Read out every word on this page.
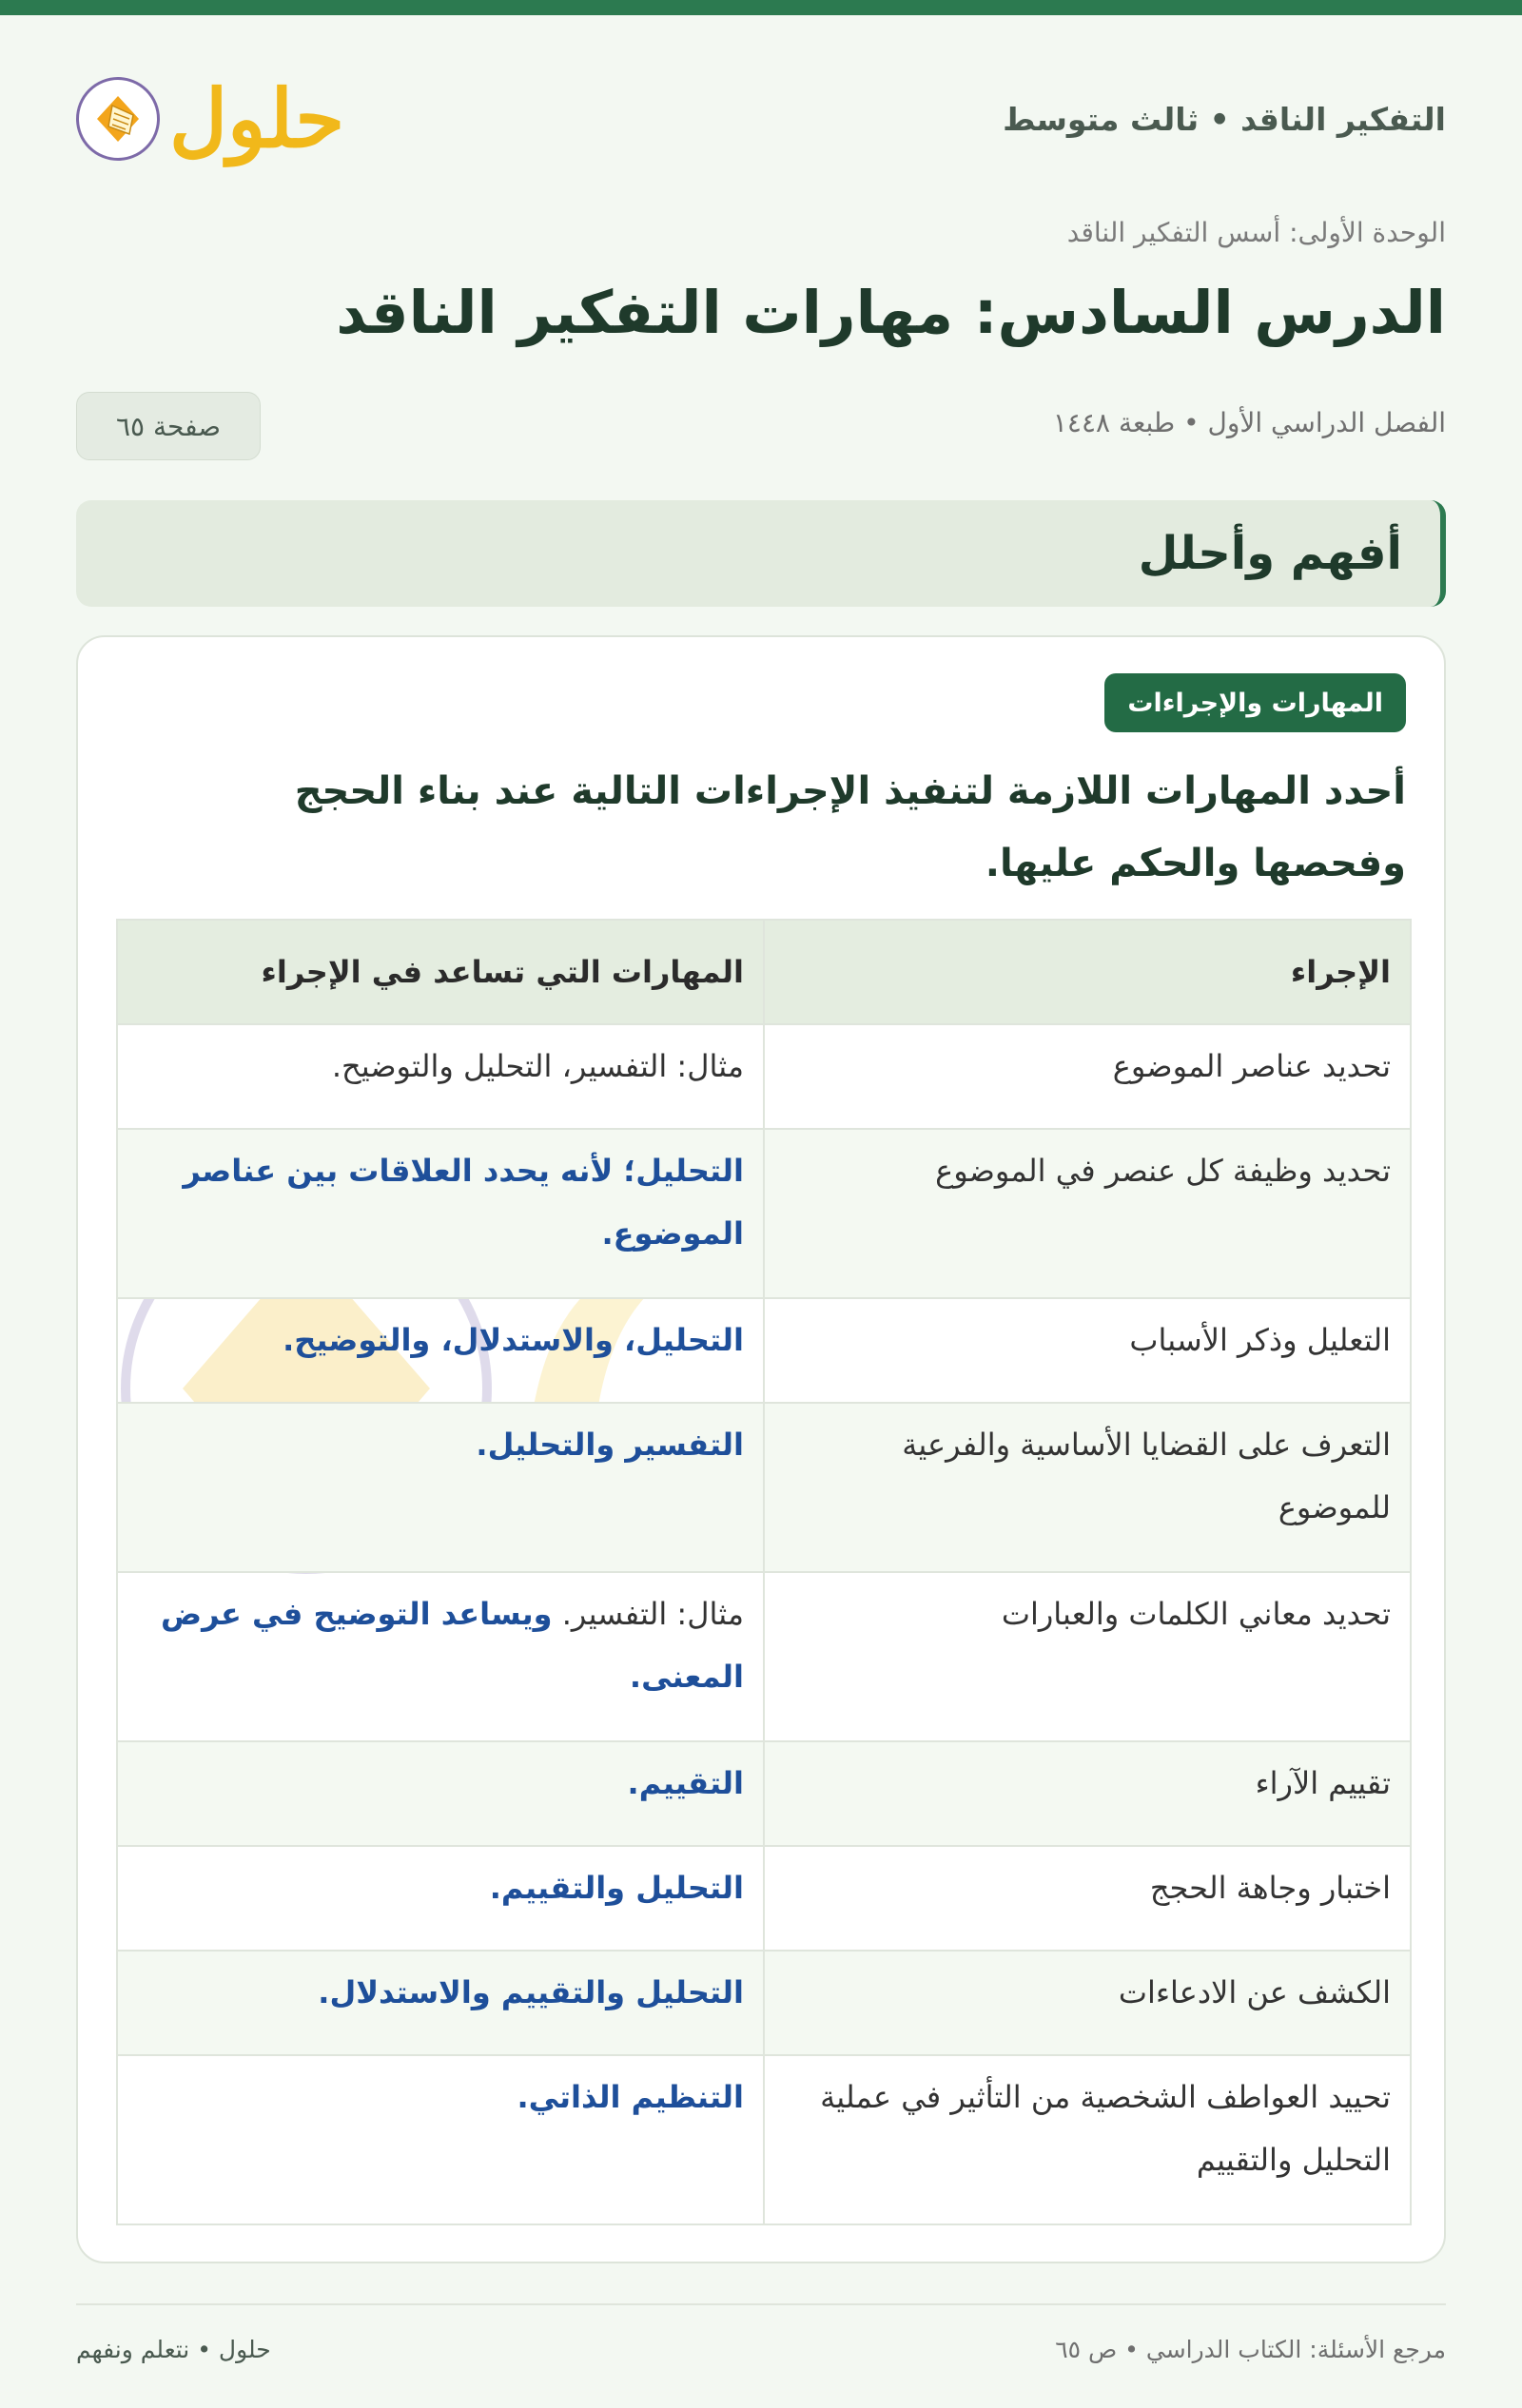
التفكير الناقد • ثالث متوسط
حلول
الوحدة الأولى: أسس التفكير الناقد
الدرس السادس: مهارات التفكير الناقد
الفصل الدراسي الأول • طبعة ١٤٤٨
صفحة ٦٥
أفهم وأحلل
المهارات والإجراءات

أحدد المهارات اللازمة لتنفيذ الإجراءات التالية عند بناء الحجج وفحصها والحكم عليها.

الإجراء	المهارات التي تساعد في الإجراء
تحديد عناصر الموضوع	مثال: التفسير، التحليل والتوضيح.
تحديد وظيفة كل عنصر في الموضوع	التحليل؛ لأنه يحدد العلاقات بين عناصر الموضوع.
التعليل وذكر الأسباب	التحليل، والاستدلال، والتوضيح.
التعرف على القضايا الأساسية والفرعية للموضوع	التفسير والتحليل.
تحديد معاني الكلمات والعبارات	مثال: التفسير. ويساعد التوضيح في عرض المعنى.
تقييم الآراء	التقييم.
اختبار وجاهة الحجج	التحليل والتقييم.
الكشف عن الادعاءات	التحليل والتقييم والاستدلال.
تحييد العواطف الشخصية من التأثير في عملية التحليل والتقييم	التنظيم الذاتي.
مرجع الأسئلة: الكتاب الدراسي • ص ٦٥
حلول • نتعلم ونفهم
